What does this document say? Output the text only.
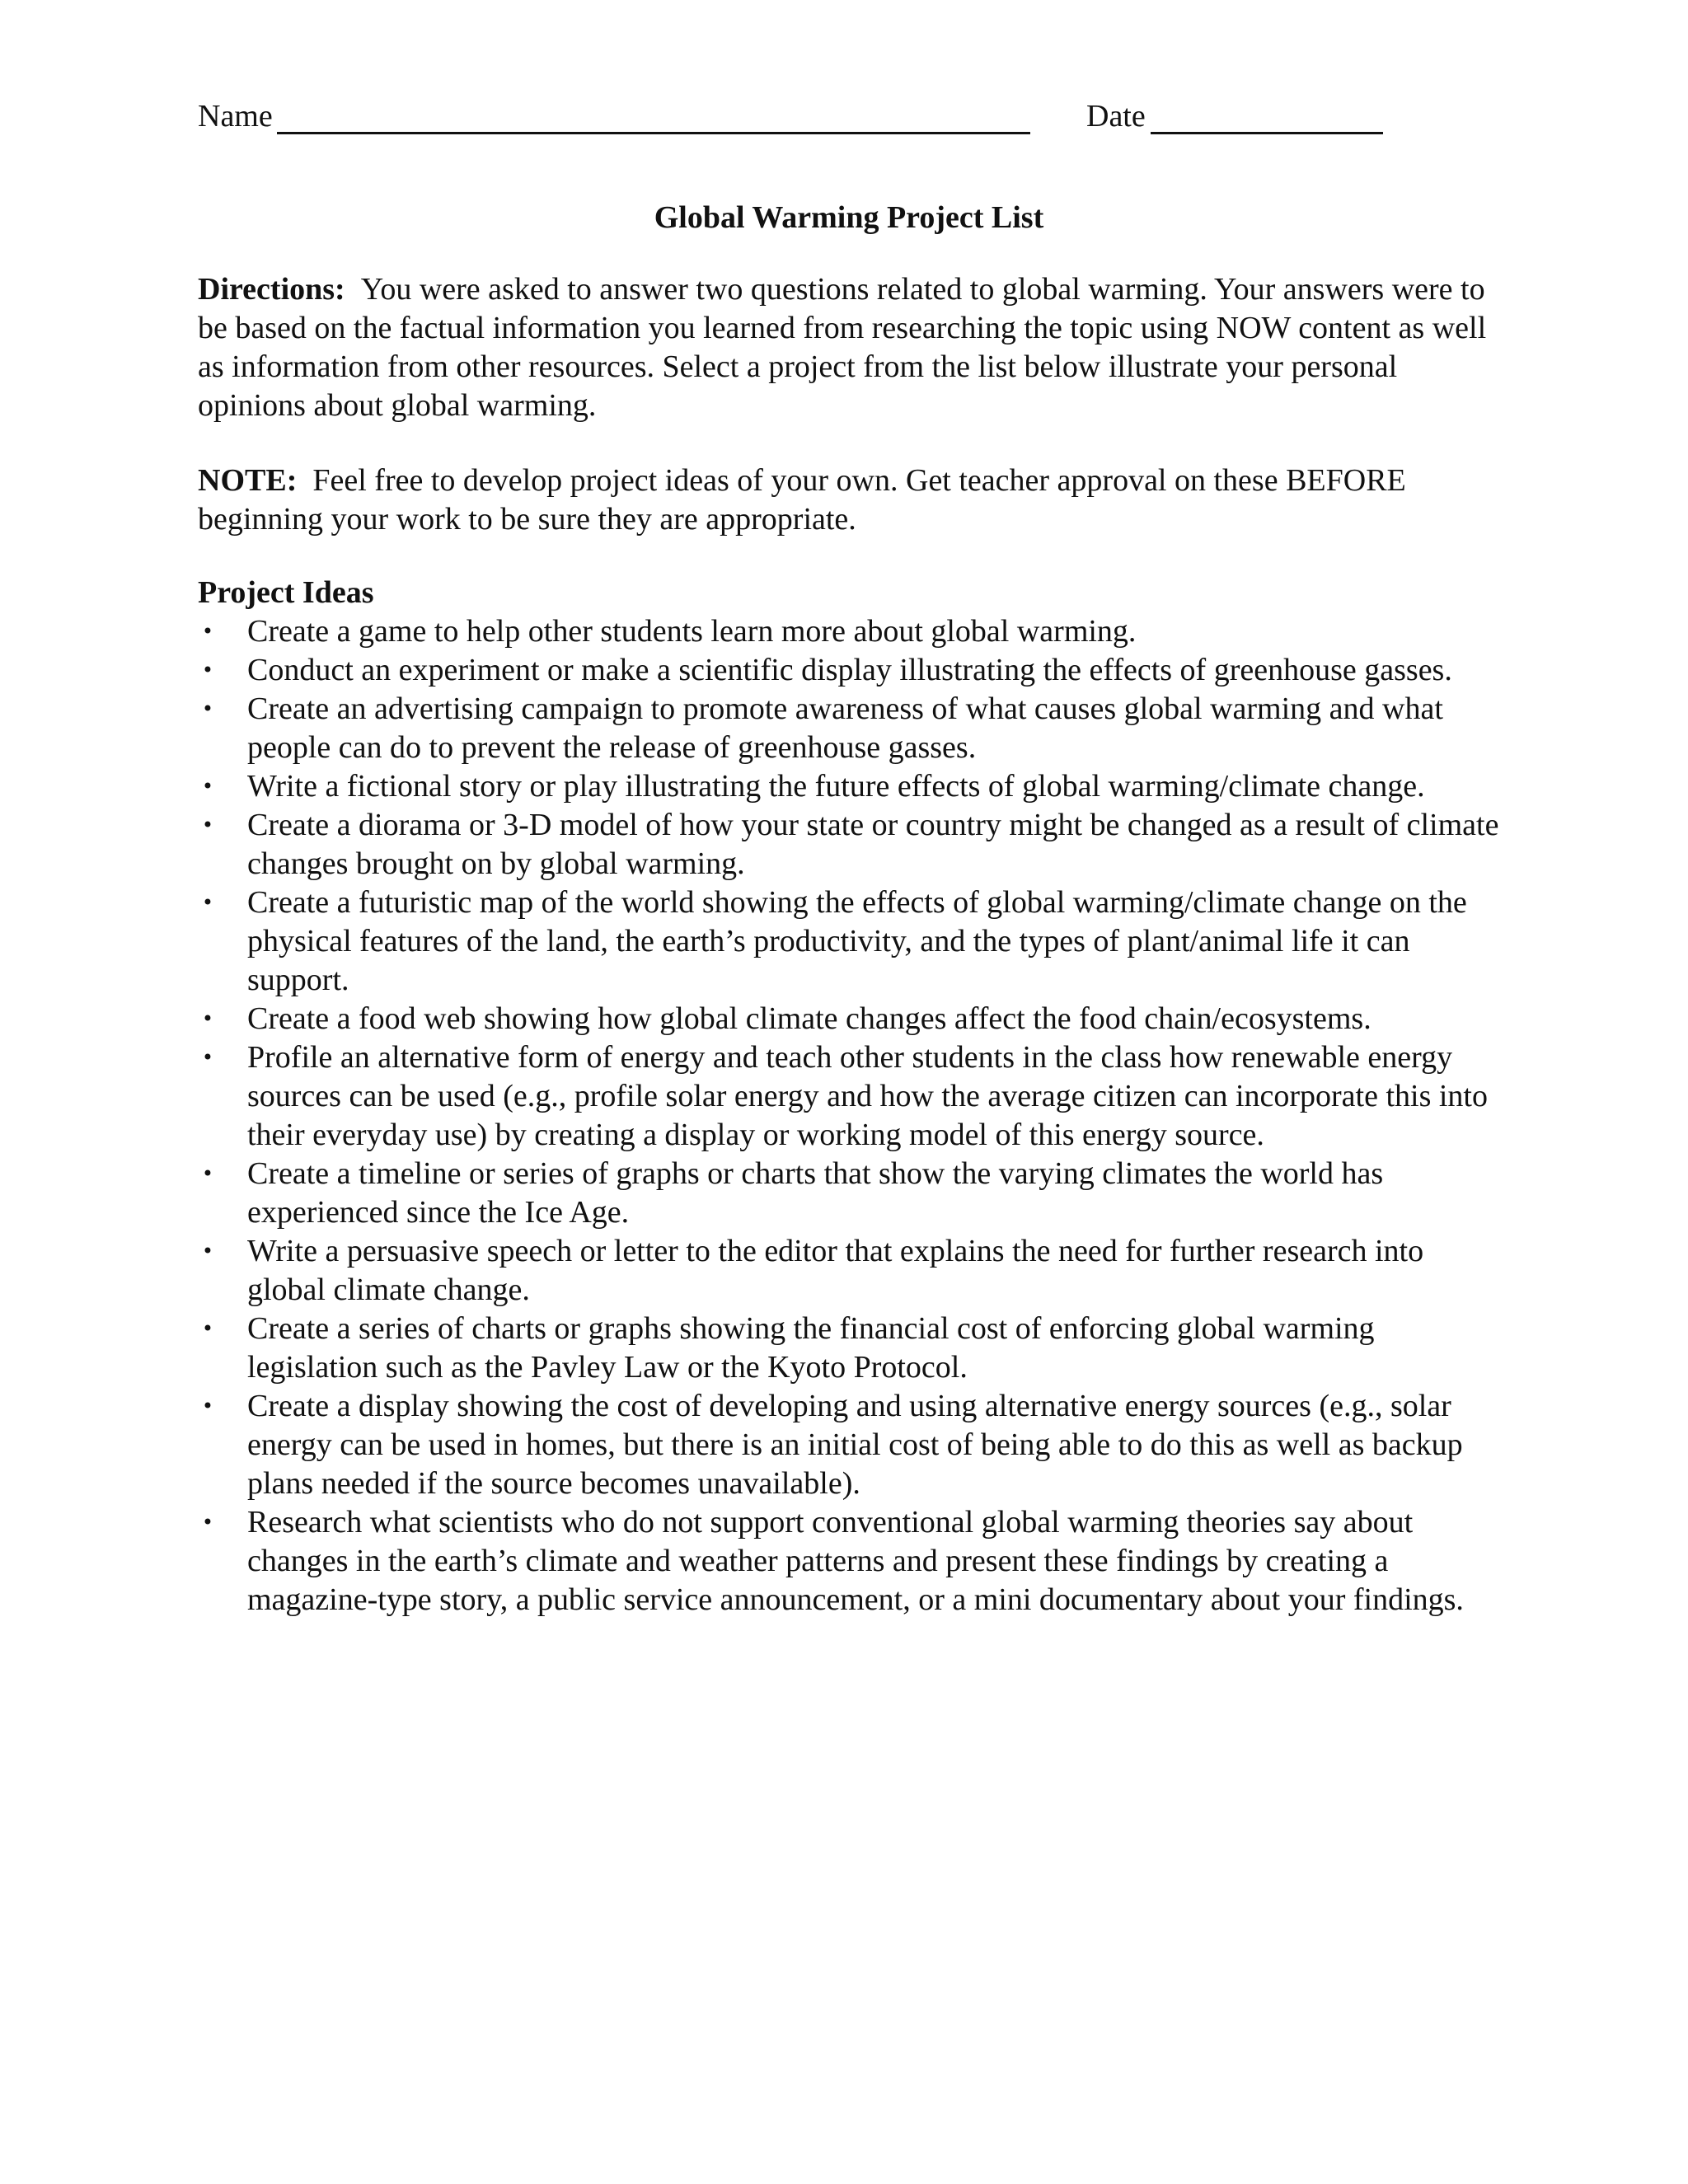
Name	Date
Global Warming Project List
Directions: You were asked to answer two questions related to global warming. Your answers were to be based on the factual information you learned from researching the topic using NOW content as well as information from other resources. Select a project from the list below illustrate your personal opinions about global warming.
NOTE: Feel free to develop project ideas of your own. Get teacher approval on these BEFORE beginning your work to be sure they are appropriate.
Project Ideas
• Create a game to help other students learn more about global warming.
• Conduct an experiment or make a scientific display illustrating the effects of greenhouse gasses.
• Create an advertising campaign to promote awareness of what causes global warming and what people can do to prevent the release of greenhouse gasses.
• Write a fictional story or play illustrating the future effects of global warming/climate change.
• Create a diorama or 3-D model of how your state or country might be changed as a result of climate changes brought on by global warming.
• Create a futuristic map of the world showing the effects of global warming/climate change on the physical features of the land, the earth’s productivity, and the types of plant/animal life it can support.
• Create a food web showing how global climate changes affect the food chain/ecosystems.
• Profile an alternative form of energy and teach other students in the class how renewable energy sources can be used (e.g., profile solar energy and how the average citizen can incorporate this into their everyday use) by creating a display or working model of this energy source.
• Create a timeline or series of graphs or charts that show the varying climates the world has experienced since the Ice Age.
• Write a persuasive speech or letter to the editor that explains the need for further research into global climate change.
• Create a series of charts or graphs showing the financial cost of enforcing global warming legislation such as the Pavley Law or the Kyoto Protocol.
• Create a display showing the cost of developing and using alternative energy sources (e.g., solar energy can be used in homes, but there is an initial cost of being able to do this as well as backup plans needed if the source becomes unavailable).
• Research what scientists who do not support conventional global warming theories say about changes in the earth’s climate and weather patterns and present these findings by creating a magazine-type story, a public service announcement, or a mini documentary about your findings.
